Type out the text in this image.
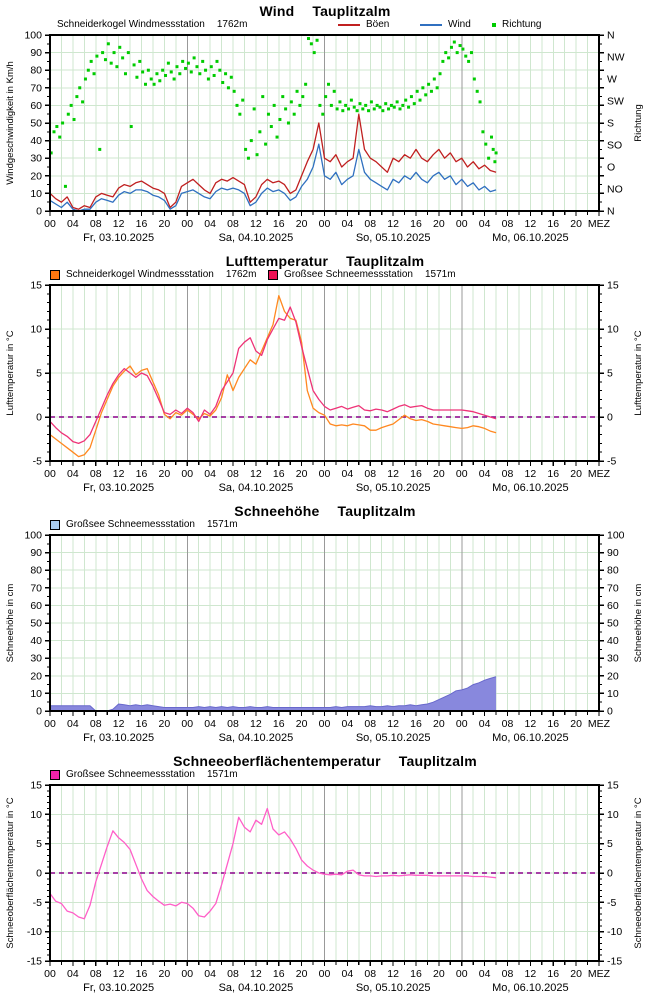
Wind Tauplitzalm
Schneiderkogel Windmessstation 1762m	Böen	Wind	Richtung
0
10
20
30
40
50
60
70
80
90
100	N
NW
W
SW
S
SO
O
NO
N
00 04 08 12 16 20 00 04 08 12 16 20 00 04 08 12 16 20 00 04 08 12 16 20 MEZ
Fr, 03.10.2025	Sa, 04.10.2025	So, 05.10.2025	Mo, 06.10.2025
Windgeschwindigkeit in Km/h	Richtung
Lufttemperatur Tauplitzalm
Schneiderkogel Windmessstation 1762m	Großsee Schneemessstation 1571m
-5	-5
0	0
5	5
10	10
15	15
00 04 08 12 16 20 00 04 08 12 16 20 00 04 08 12 16 20 00 04 08 12 16 20 MEZ
Fr, 03.10.2025	Sa, 04.10.2025	So, 05.10.2025	Mo, 06.10.2025
Lufttemperatur in °C	Lufttemperatur in °C
Schneehöhe Tauplitzalm
Großsee Schneemessstation 1571m
0	0
10	10
20	20
30	30
40	40
50	50
60	60
70	70
80	80
90	90
100	100
00 04 08 12 16 20 00 04 08 12 16 20 00 04 08 12 16 20 00 04 08 12 16 20 MEZ
Fr, 03.10.2025	Sa, 04.10.2025	So, 05.10.2025	Mo, 06.10.2025
Schneehöhe in cm	Schneehöhe in cm
Schneeoberflächentemperatur Tauplitzalm
Großsee Schneemessstation 1571m
-15	-15
-10	-10
-5	-5
0	0
5	5
10	10
15	15
00 04 08 12 16 20 00 04 08 12 16 20 00 04 08 12 16 20 00 04 08 12 16 20 MEZ
Fr, 03.10.2025	Sa, 04.10.2025	So, 05.10.2025	Mo, 06.10.2025
Schneeoberflächentemperatur in °C	Schneeoberflächentemperatur in °C
